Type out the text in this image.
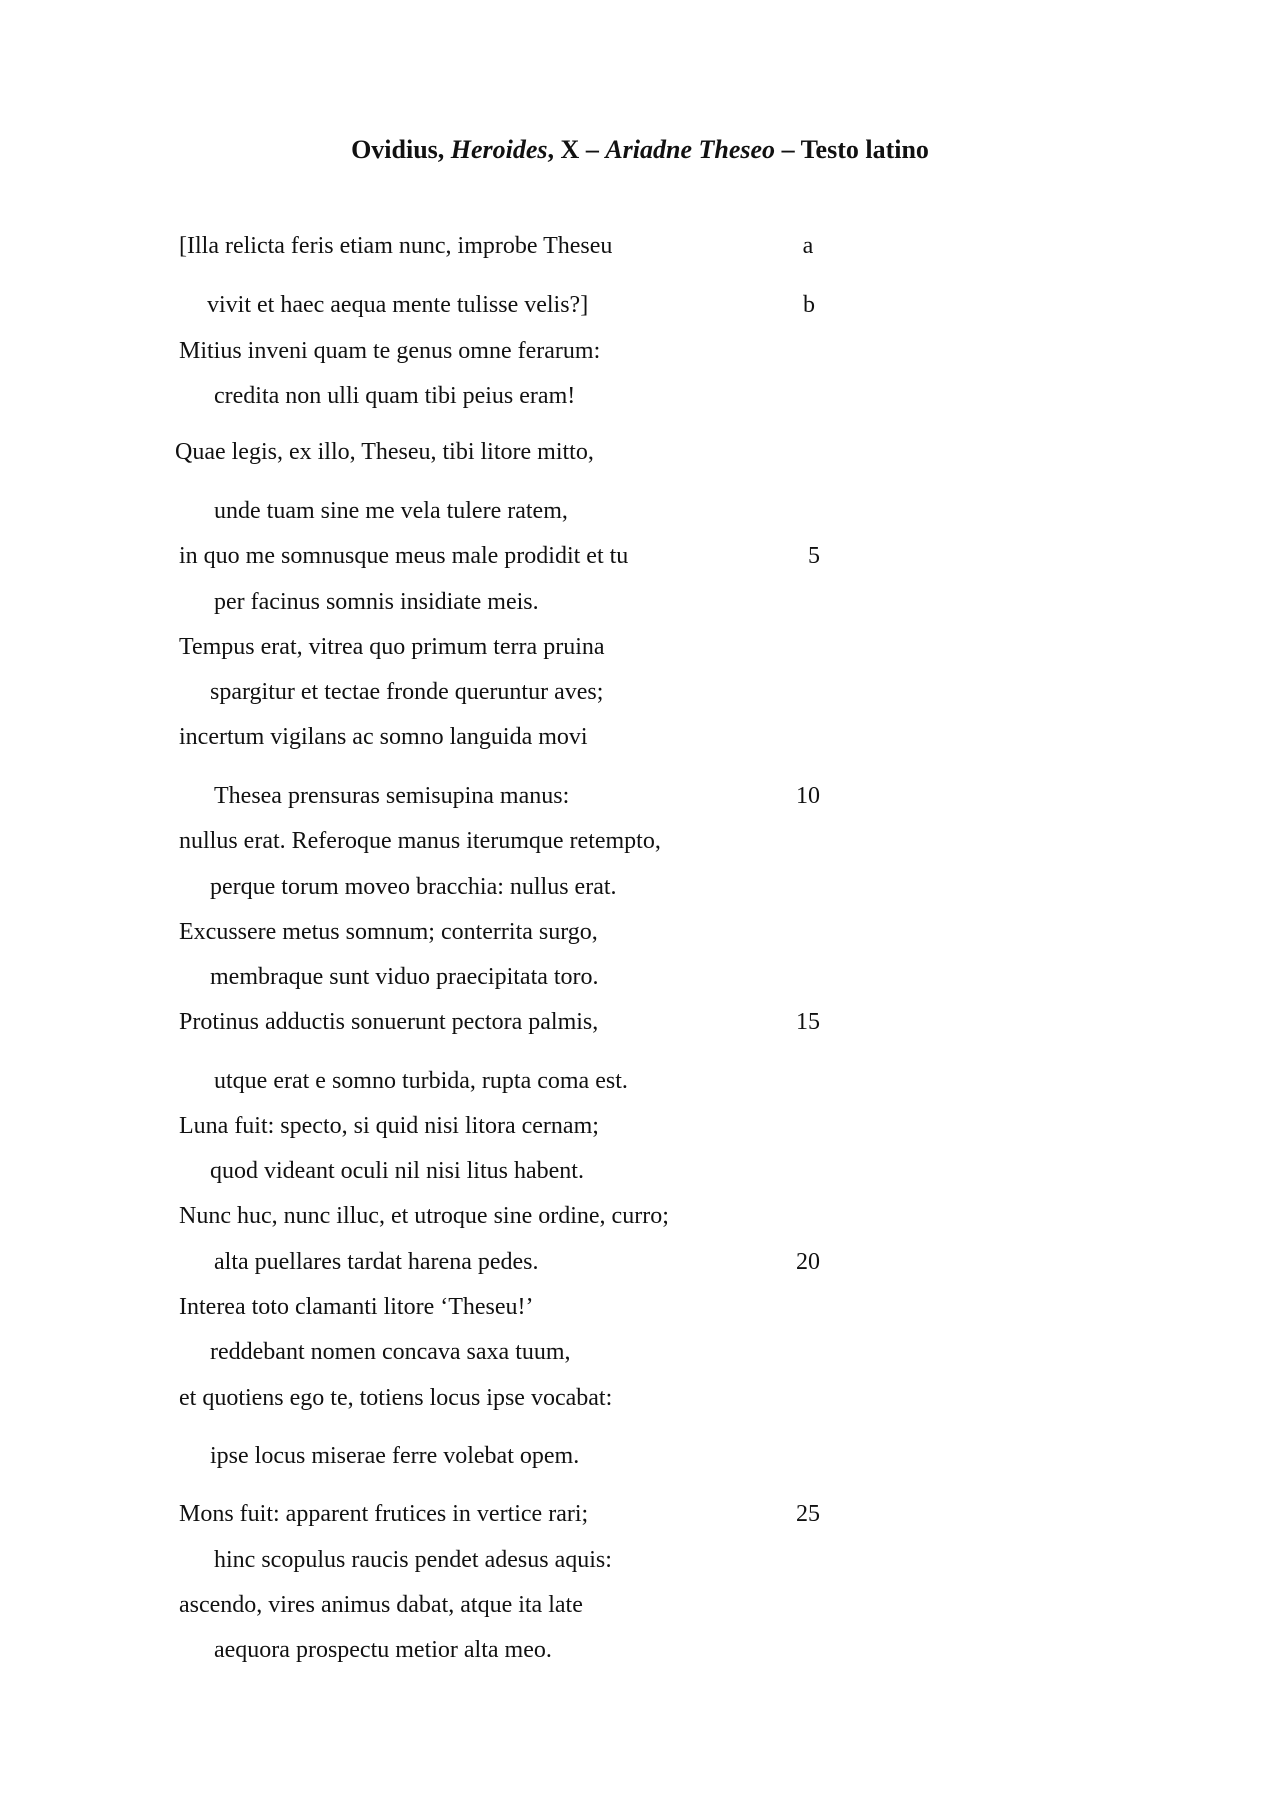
Ovidius, Heroides, X – Ariadne Theseo – Testo latino
[Illa relicta feris etiam nunc, improbe Theseu	a
vivit et haec aequa mente tulisse velis?]	b
Mitius inveni quam te genus omne ferarum:
credita non ulli quam tibi peius eram!
Quae legis, ex illo, Theseu, tibi litore mitto,
unde tuam sine me vela tulere ratem,
in quo me somnusque meus male prodidit et tu	5
per facinus somnis insidiate meis.
Tempus erat, vitrea quo primum terra pruina
spargitur et tectae fronde queruntur aves;
incertum vigilans ac somno languida movi
Thesea prensuras semisupina manus:	10
nullus erat. Referoque manus iterumque retempto,
perque torum moveo bracchia: nullus erat.
Excussere metus somnum; conterrita surgo,
membraque sunt viduo praecipitata toro.
Protinus adductis sonuerunt pectora palmis,	15
utque erat e somno turbida, rupta coma est.
Luna fuit: specto, si quid nisi litora cernam;
quod videant oculi nil nisi litus habent.
Nunc huc, nunc illuc, et utroque sine ordine, curro;
alta puellares tardat harena pedes.	20
Interea toto clamanti litore ‘Theseu!’
reddebant nomen concava saxa tuum,
et quotiens ego te, totiens locus ipse vocabat:
ipse locus miserae ferre volebat opem.
Mons fuit: apparent frutices in vertice rari;	25
hinc scopulus raucis pendet adesus aquis:
ascendo, vires animus dabat, atque ita late
aequora prospectu metior alta meo.
